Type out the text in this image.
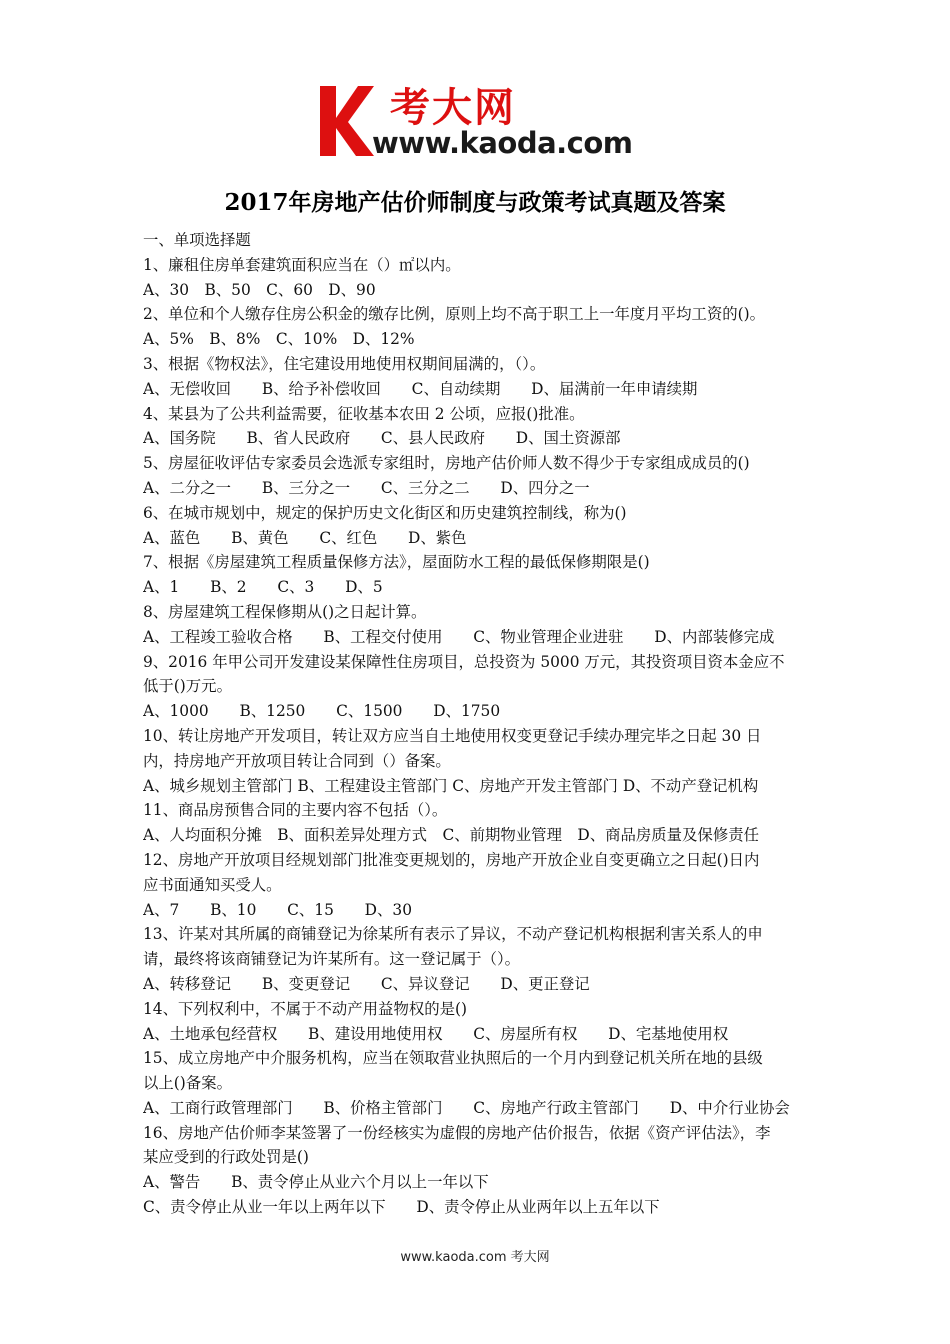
考大网
www.kaoda.com
2017年房地产估价师制度与政策考试真题及答案
一、单项选择题
1、廉租住房单套建筑面积应当在（）㎡以内。
A、30　B、50　C、60　D、90
2、单位和个人缴存住房公积金的缴存比例，原则上均不高于职工上一年度月平均工资的()。
A、5%　B、8%　C、10%　D、12%
3、根据《物权法》，住宅建设用地使用权期间届满的，（）。
A、无偿收回　　B、给予补偿收回　　C、自动续期　　D、届满前一年申请续期
4、某县为了公共利益需要，征收基本农田 2 公顷，应报()批准。
A、国务院　　B、省人民政府　　C、县人民政府　　D、国土资源部
5、房屋征收评估专家委员会选派专家组时，房地产估价师人数不得少于专家组成成员的()
A、二分之一　　B、三分之一　　C、三分之二　　D、四分之一
6、在城市规划中，规定的保护历史文化街区和历史建筑控制线，称为()
A、蓝色　　B、黄色　　C、红色　　D、紫色
7、根据《房屋建筑工程质量保修方法》，屋面防水工程的最低保修期限是()
A、1　　B、2　　C、3　　D、5
8、房屋建筑工程保修期从()之日起计算。
A、工程竣工验收合格　　B、工程交付使用　　C、物业管理企业进驻　　D、内部装修完成
9、2016 年甲公司开发建设某保障性住房项目，总投资为 5000 万元，其投资项目资本金应不
低于()万元。
A、1000　　B、1250　　C、1500　　D、1750
10、转让房地产开发项目，转让双方应当自土地使用权变更登记手续办理完毕之日起 30 日
内，持房地产开放项目转让合同到（）备案。
A、城乡规划主管部门 B、工程建设主管部门 C、房地产开发主管部门 D、不动产登记机构
11、商品房预售合同的主要内容不包括（）。
A、人均面积分摊　B、面积差异处理方式　C、前期物业管理　D、商品房质量及保修责任
12、房地产开放项目经规划部门批准变更规划的，房地产开放企业自变更确立之日起()日内
应书面通知买受人。
A、7　　B、10　　C、15　　D、30
13、许某对其所属的商铺登记为徐某所有表示了异议，不动产登记机构根据利害关系人的申
请，最终将该商铺登记为许某所有。这一登记属于（）。
A、转移登记　　B、变更登记　　C、异议登记　　D、更正登记
14、下列权利中，不属于不动产用益物权的是()
A、土地承包经营权　　B、建设用地使用权　　C、房屋所有权　　D、宅基地使用权
15、成立房地产中介服务机构，应当在领取营业执照后的一个月内到登记机关所在地的县级
以上()备案。
A、工商行政管理部门　　B、价格主管部门　　C、房地产行政主管部门　　D、中介行业协会
16、房地产估价师李某签署了一份经核实为虚假的房地产估价报告，依据《资产评估法》，李
某应受到的行政处罚是()
A、警告　　B、责令停止从业六个月以上一年以下
C、责令停止从业一年以上两年以下　　D、责令停止从业两年以上五年以下
www.kaoda.com 考大网
